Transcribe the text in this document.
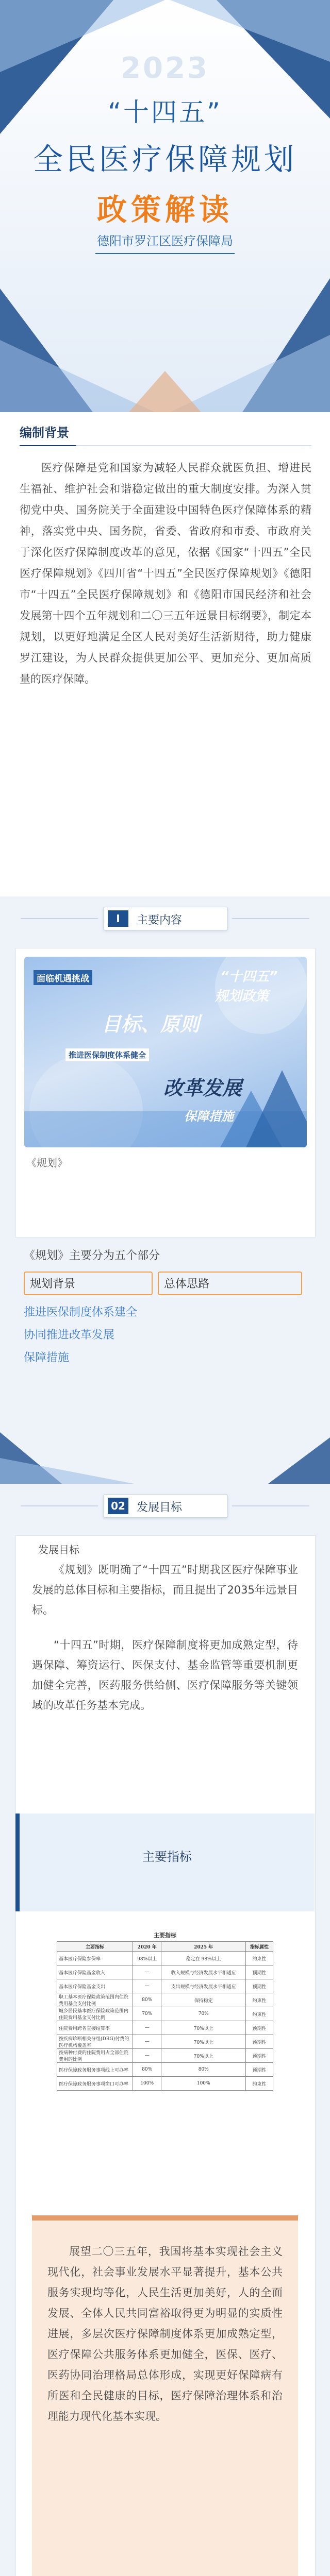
2023
“十四五”
全民医疗保障规划
政策解读
德阳市罗江区医疗保障局
编制背景
医疗保障是党和国家为减轻人民群众就医负担、增进民生福祉、维护社会和谐稳定做出的重大制度安排。为深入贯彻党中央、国务院关于全面建设中国特色医疗保障体系的精神，落实党中央、国务院，省委、省政府和市委、市政府关于深化医疗保障制度改革的意见，依据《国家“十四五”全民医疗保障规划》《四川省“十四五”全民医疗保障规划》《德阳市“十四五”全民医疗保障规划》和《德阳市国民经济和社会发展第十四个五年规划和二〇三五年远景目标纲要》，制定本规划，以更好地满足全区人民对美好生活新期待，助力健康罗江建设，为人民群众提供更加公平、更加充分、更加高质量的医疗保障。
Ⅰ	主要内容
面临机遇挑战	“十四五”
规划政策
目标、原则
推进医保制度体系健全
改革发展
保障措施
《规划》
《规划》主要分为五个部分
规划背景	总体思路
推进医保制度体系建全
协同推进改革发展
保障措施
02 发展目标
发展目标
《规划》既明确了“十四五”时期我区医疗保障事业发展的总体目标和主要指标，而且提出了2035年远景目标。
“十四五”时期，医疗保障制度将更加成熟定型，待遇保障、筹资运行、医保支付、基金监管等重要机制更加健全完善，医药服务供给侧、医疗保障服务等关键领域的改革任务基本完成。
主要指标
主要指标
主要指标	2020 年	2025 年	指标属性
基本医疗保险参保率	98%以上	稳定在 98%以上	约束性
基本医疗保险基金收入	—	收入规模与经济发展水平相适应	预期性
基本医疗保险基金支出	—	支出规模与经济发展水平相适应	预期性
职工基本医疗保险政策范围内住院费用基金支付比例	80%	保持稳定	约束性
城乡居民基本医疗保险政策范围内住院费用基金支付比例	70%	70%	约束性
住院费用跨省直接结算率	—	70%以上	预期性
按疾病诊断相关分组(DRG)付费的医疗机构覆盖率	—	70%以上	预期性
按病种付费的住院费用占全部住院费用的比例	—	70%以上	预期性
医疗保障政务服务事项线上可办率	80%	80%	预期性
医疗保障政务服务事项窗口可办率	100%	100%	约束性
展望二〇三五年，我国将基本实现社会主义现代化，社会事业发展水平显著提升，基本公共服务实现均等化，人民生活更加美好，人的全面发展、全体人民共同富裕取得更为明显的实质性进展，多层次医疗保障制度体系更加成熟定型，医疗保障公共服务体系更加健全，医保、医疗、医药协同治理格局总体形成，实现更好保障病有所医和全民健康的目标，医疗保障治理体系和治理能力现代化基本实现。
